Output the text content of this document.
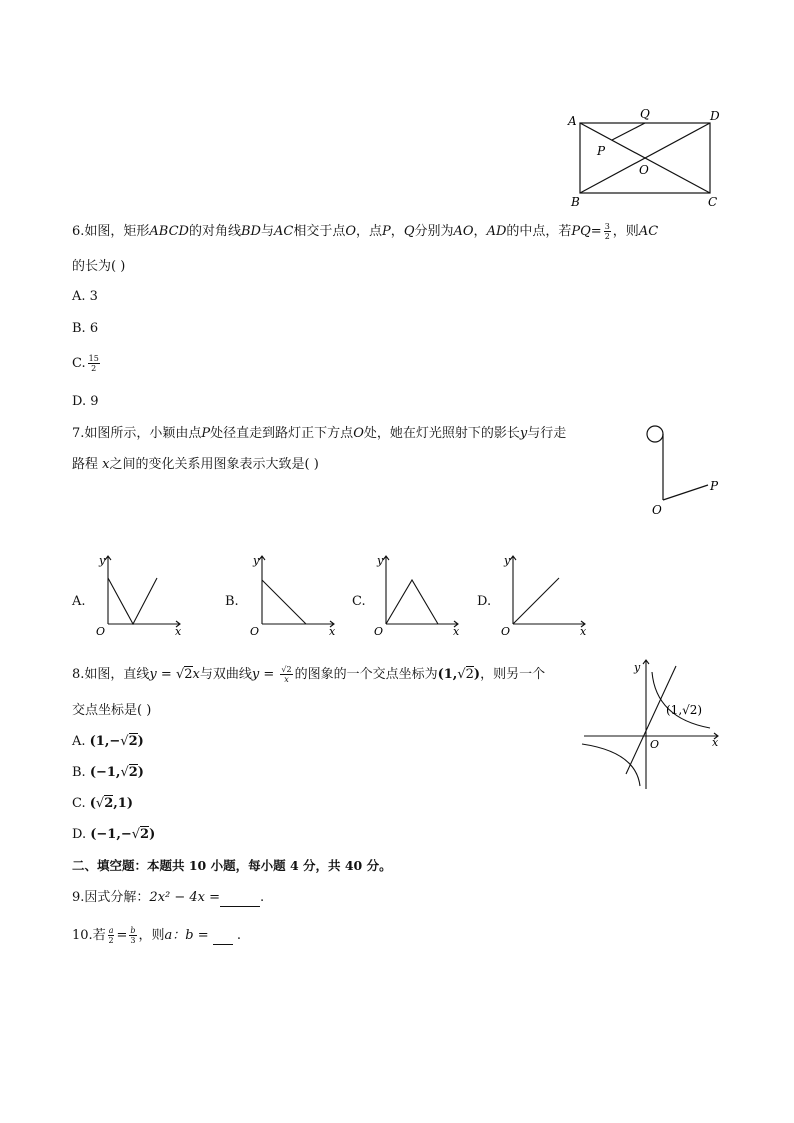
A	Q	D
P
O
B	C
6.如图，矩形ABCD的对角线BD与AC相交于点O，点P，Q分别为AO，AD的中点，若$PQ= \frac{3}{2}$ ，则AC
的长为( )
A. 3
B. 6
C. $\frac{15}{2}$
D. 9
7.如图所示，小颖由点P处径直走到路灯正下方点O处，她在灯光照射下的影长y与行走
路程 x之间的变化关系用图象表示大致是( )
O
P
A.
y
x
O
B.
y
x
O
C.
y
x
O
D.
y
x
O
8.如图，直线y = √2x与双曲线$y = \frac{√2}{x}$ 的图象的一个交点坐标为(1,√2)，则另一个
交点坐标是( )
A. (1,−√2)
B. (−1,√2)
C. (√2,1)
D. (−1,−√2)
y
x
O
(1,√2)
二、填空题：本题共 10 小题，每小题 4 分，共 40 分。
9.因式分解：2x² − 4x =	.
10.若 $\frac{a}{2} = \frac{b}{3}$ ，则a：b = .
